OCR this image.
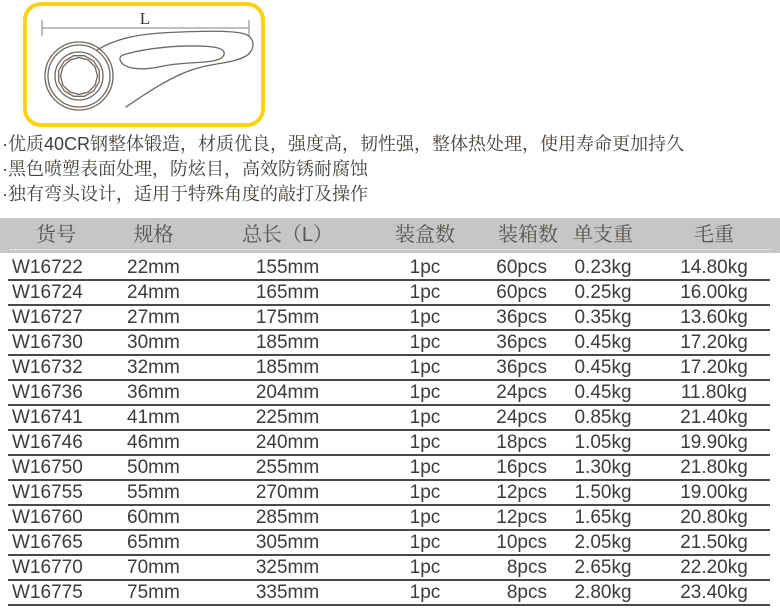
L
·优质40CR钢整体锻造，材质优良，强度高，韧性强，整体热处理，使用寿命更加持久
·黑色喷塑表面处理，防炫目，高效防锈耐腐蚀
·独有弯头设计，适用于特殊角度的敲打及操作
货号	规格	总长（L）	装盒数	装箱数 单支重	毛重
W16722	22mm	155mm	1pc	60pcs	0.23kg	14.80kg
W16724	24mm	165mm	1pc	60pcs	0.25kg	16.00kg
W16727	27mm	175mm	1pc	36pcs	0.35kg	13.60kg
W16730	30mm	185mm	1pc	36pcs	0.45kg	17.20kg
W16732	32mm	185mm	1pc	36pcs	0.45kg	17.20kg
W16736	36mm	204mm	1pc	24pcs	0.45kg	11.80kg
W16741	41mm	225mm	1pc	24pcs	0.85kg	21.40kg
W16746	46mm	240mm	1pc	18pcs	1.05kg	19.90kg
W16750	50mm	255mm	1pc	16pcs	1.30kg	21.80kg
W16755	55mm	270mm	1pc	12pcs	1.50kg	19.00kg
W16760	60mm	285mm	1pc	12pcs	1.65kg	20.80kg
W16765	65mm	305mm	1pc	10pcs	2.05kg	21.50kg
W16770	70mm	325mm	1pc	8pcs	2.65kg	22.20kg
W16775	75mm	335mm	1pc	8pcs	2.80kg	23.40kg
